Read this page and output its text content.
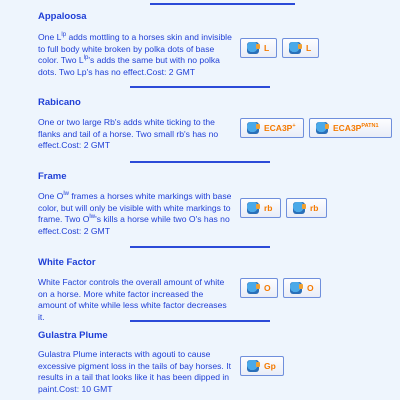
Appaloosa

One $L^{lp}$ adds mottling to a horses skin and invisible to full body white broken by polka dots of base color. Two $L^{lp}'s$ adds the same but with no polka dots. Two Lp's has no effect.Cost: 2 GMT

L	L
Rabicano

One or two large Rb's adds white ticking to the flanks and tail of a horse. Two small rb's has no effect.Cost: 2 GMT

ECA3P+	$ECA3P^{PATN1}$
Frame

One $O^{lw}$ frames a horses white markings with base color, but will only be visible with white markings to frame. Two $O^{lw}'s$ kills a horse while two O's has no effect.Cost: 2 GMT

rb	rb
White Factor

White Factor controls the overall amount of white on a horse. More white factor increased the amount of white while less white factor decreases it.

O	O
Gulastra Plume

Gulastra Plume interacts with agouti to cause excessive pigment loss in the tails of bay horses. It results in a tail that looks like it has been dipped in paint.Cost: 10 GMT

Gp
